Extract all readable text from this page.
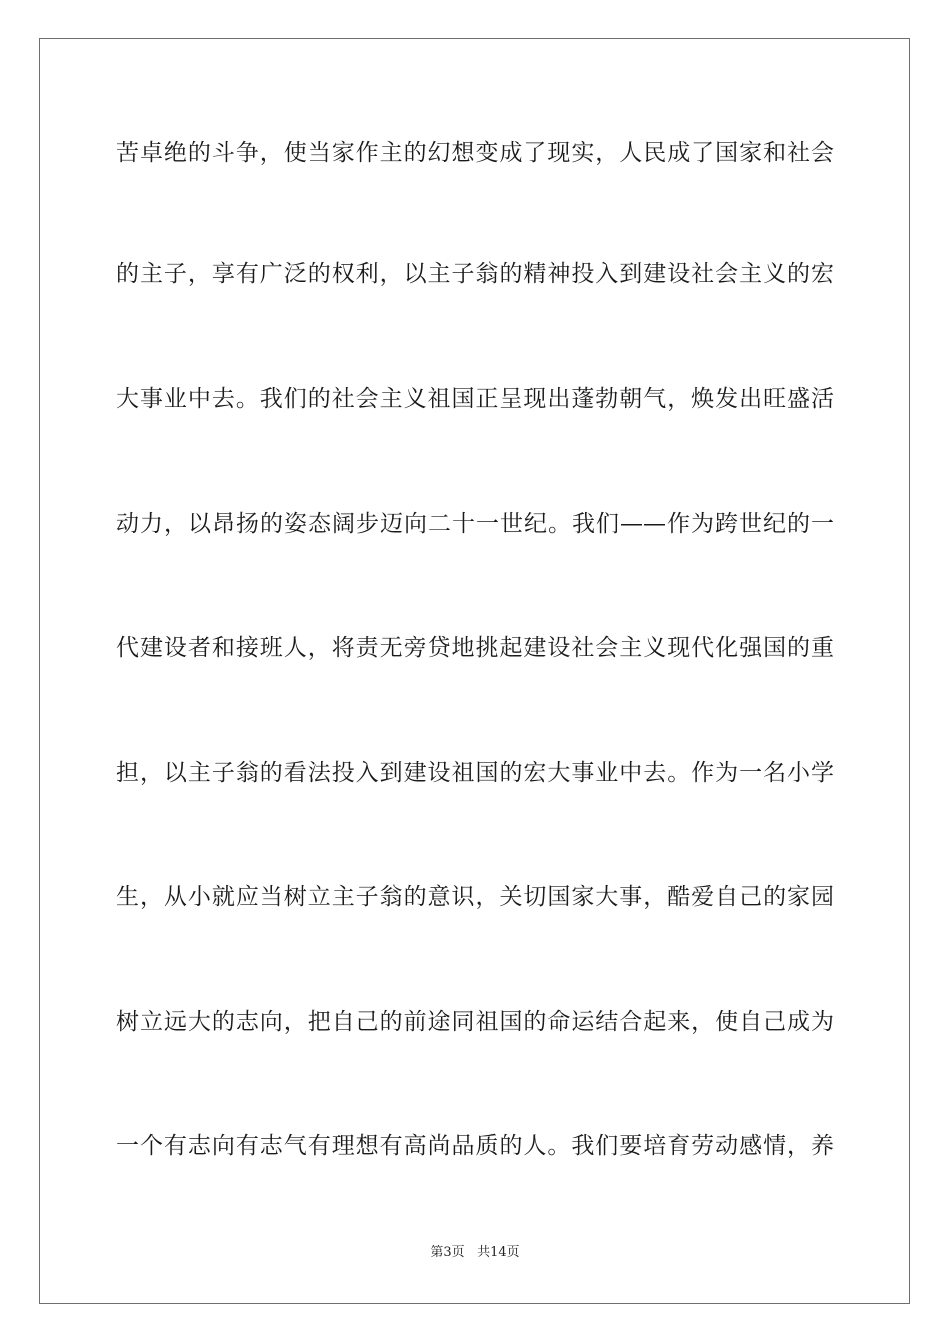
苦卓绝的斗争，使当家作主的幻想变成了现实，人民成了国家和社会
的主子，享有广泛的权利，以主子翁的精神投入到建设社会主义的宏
大事业中去。我们的社会主义祖国正呈现出蓬勃朝气，焕发出旺盛活
动力，以昂扬的姿态阔步迈向二十一世纪。我们——作为跨世纪的一
代建设者和接班人，将责无旁贷地挑起建设社会主义现代化强国的重
担，以主子翁的看法投入到建设祖国的宏大事业中去。作为一名小学
生，从小就应当树立主子翁的意识，关切国家大事，酷爱自己的家园
树立远大的志向，把自己的前途同祖国的命运结合起来，使自己成为
一个有志向有志气有理想有高尚品质的人。我们要培育劳动感情，养
第3页 共14页
